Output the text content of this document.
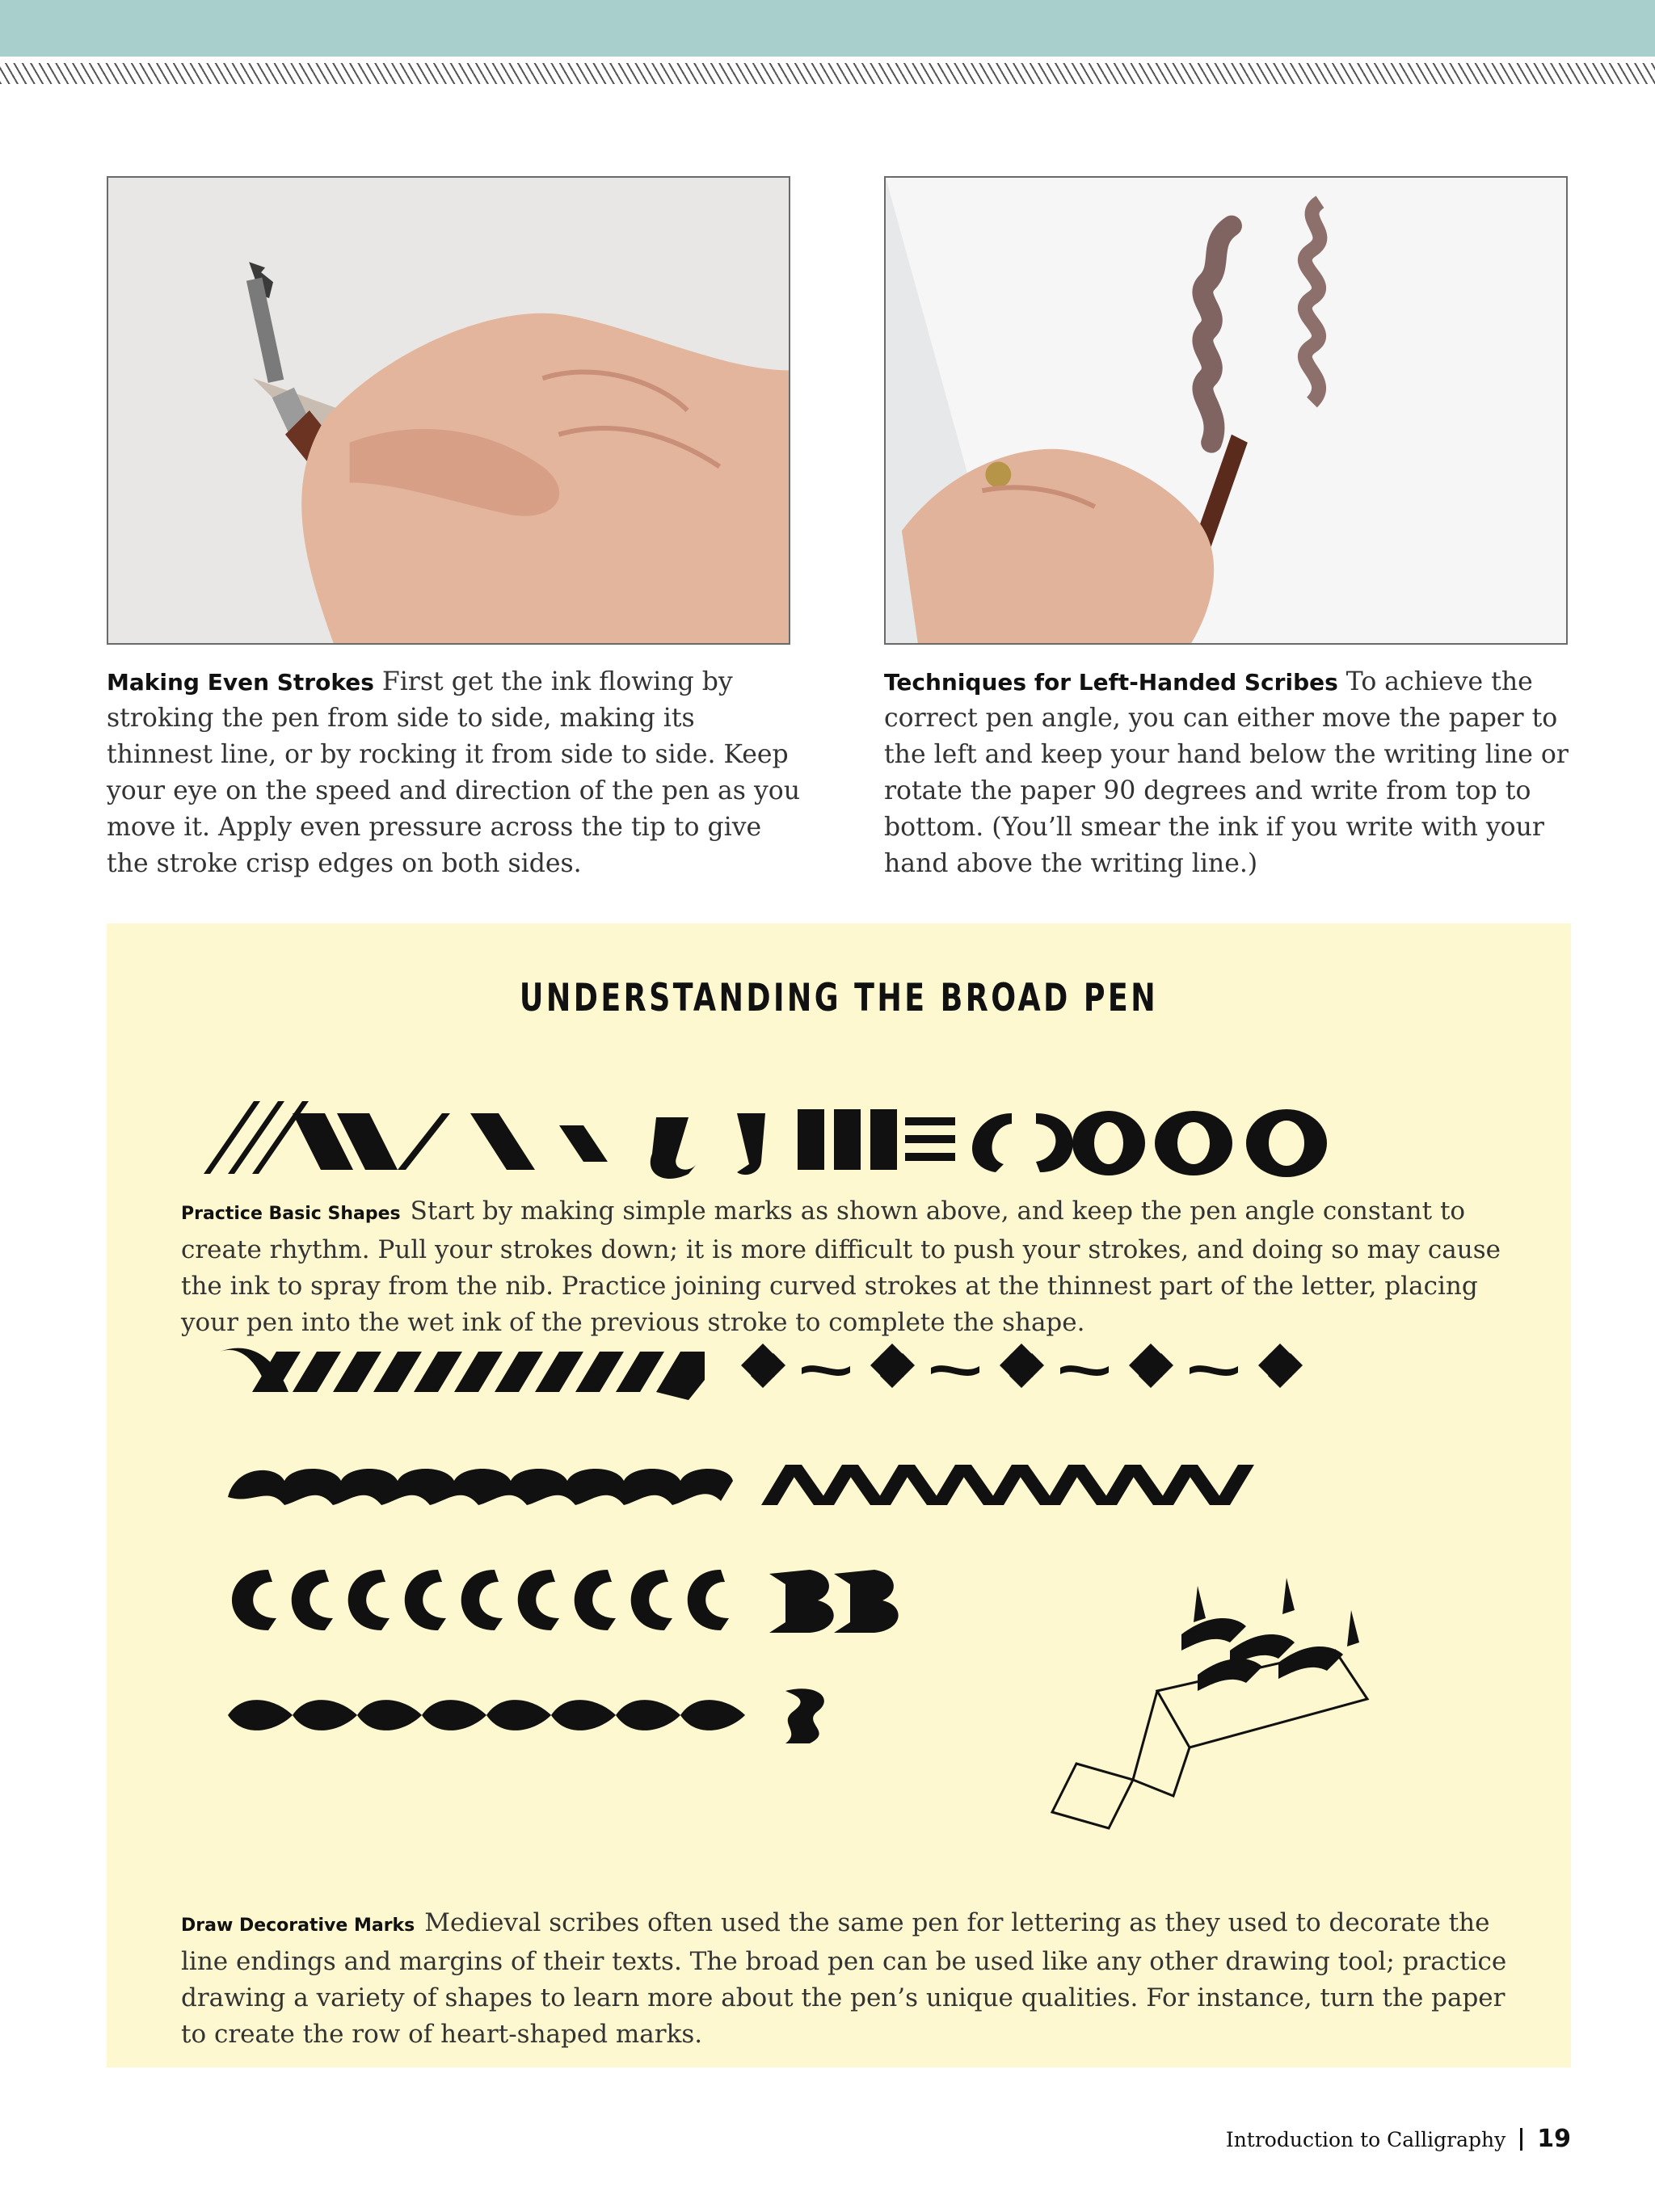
Making Even Strokes First get the ink flowing by stroking the pen from side to side, making its thinnest line, or by rocking it from side to side. Keep your eye on the speed and direction of the pen as you move it. Apply even pressure across the tip to give the stroke crisp edges on both sides.
Techniques for Left-Handed Scribes To achieve the correct pen angle, you can either move the paper to the left and keep your hand below the writing line or rotate the paper 90 degrees and write from top to bottom. (You’ll smear the ink if you write with your hand above the writing line.)
UNDERSTANDING THE BROAD PEN
Practice Basic Shapes Start by making simple marks as shown above, and keep the pen angle constant to create rhythm. Pull your strokes down; it is more difficult to push your strokes, and doing so may cause the ink to spray from the nib. Practice joining curved strokes at the thinnest part of the letter, placing your pen into the wet ink of the previous stroke to complete the shape.
Draw Decorative Marks Medieval scribes often used the same pen for lettering as they used to decorate the line endings and margins of their texts. The broad pen can be used like any other drawing tool; practice drawing a variety of shapes to learn more about the pen’s unique qualities. For instance, turn the paper to create the row of heart-shaped marks.
Introduction to Calligraphy 19
